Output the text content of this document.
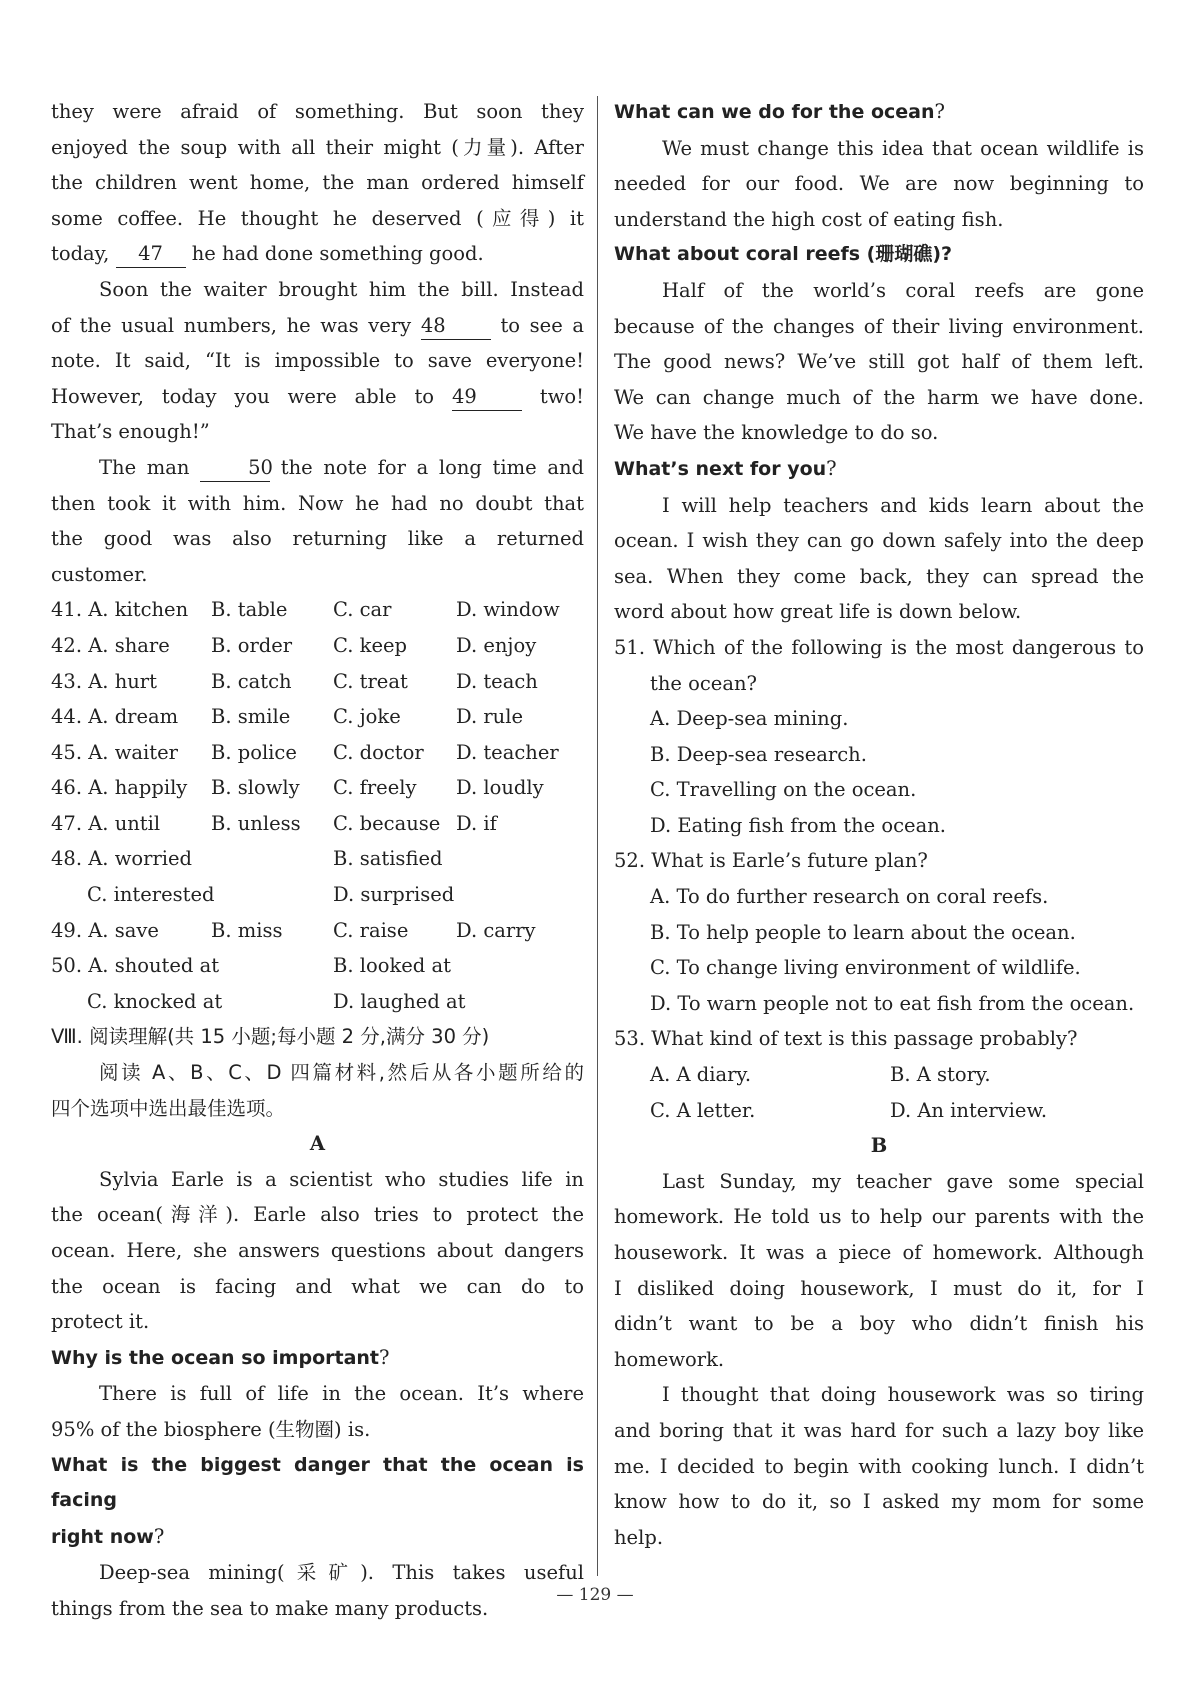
they were afraid of something. But soon they

enjoyed the soup with all their might (力量). After

the children went home, the man ordered himself

some coffee. He thought he deserved (应得) it

today, 47 he had done something good.

Soon the waiter brought him the bill. Instead

of the usual numbers, he was very 48	to see a

note. It said, “It is impossible to save everyone!

However, today you were able to 49	two!

That’s enough!”

The man	50 the note for a long time and

then took it with him. Now he had no doubt that

the good was also returning like a returned

customer.

41. A. kitchen B. table C. car	D. window
42. A. share B. order C. keep	D. enjoy
43. A. hurt	B. catch C. treat D. teach
44. A. dream B. smile C. joke	D. rule
45. A. waiter B. police C. doctor D. teacher
46. A. happily B. slowly C. freely D. loudly
47. A. until	B. unless C. because D. if
48. A. worried	B. satisfied
C. interested	D. surprised
49. A. save	B. miss	C. raise D. carry
50. A. shouted at	B. looked at
C. knocked at	D. laughed at

Ⅷ. 阅读理解(共 15 小题;每小题 2 分,满分 30 分)

阅读 A、B、C、D 四篇材料,然后从各小题所给的

四个选项中选出最佳选项。

A

Sylvia Earle is a scientist who studies life in

the ocean(海洋). Earle also tries to protect the

ocean. Here, she answers questions about dangers

the ocean is facing and what we can do to

protect it.

Why is the ocean so important?

There is full of life in the ocean. It’s where

95% of the biosphere (生物圈) is.

What is the biggest danger that the ocean is facing

right now?

Deep-sea mining(采矿). This takes useful

things from the sea to make many products.

What can we do for the ocean?

We must change this idea that ocean wildlife is

needed for our food. We are now beginning to

understand the high cost of eating fish.

What about coral reefs (珊瑚礁)?

Half of the world’s coral reefs are gone

because of the changes of their living environment.

The good news? We’ve still got half of them left.

We can change much of the harm we have done.

We have the knowledge to do so.

What’s next for you?

I will help teachers and kids learn about the

ocean. I wish they can go down safely into the deep

sea. When they come back, they can spread the

word about how great life is down below.

51. Which of the following is the most dangerous to

the ocean?

A. Deep-sea mining.

B. Deep-sea research.

C. Travelling on the ocean.

D. Eating fish from the ocean.

52. What is Earle’s future plan?

A. To do further research on coral reefs.

B. To help people to learn about the ocean.

C. To change living environment of wildlife.

D. To warn people not to eat fish from the ocean.

53. What kind of text is this passage probably?

A. A diary.	B. A story.
C. A letter.	D. An interview.

B

Last Sunday, my teacher gave some special

homework. He told us to help our parents with the

housework. It was a piece of homework. Although

I disliked doing housework, I must do it, for I

didn’t want to be a boy who didn’t finish his

homework.

I thought that doing housework was so tiring

and boring that it was hard for such a lazy boy like

me. I decided to begin with cooking lunch. I didn’t

know how to do it, so I asked my mom for some

help.

— 129 —
